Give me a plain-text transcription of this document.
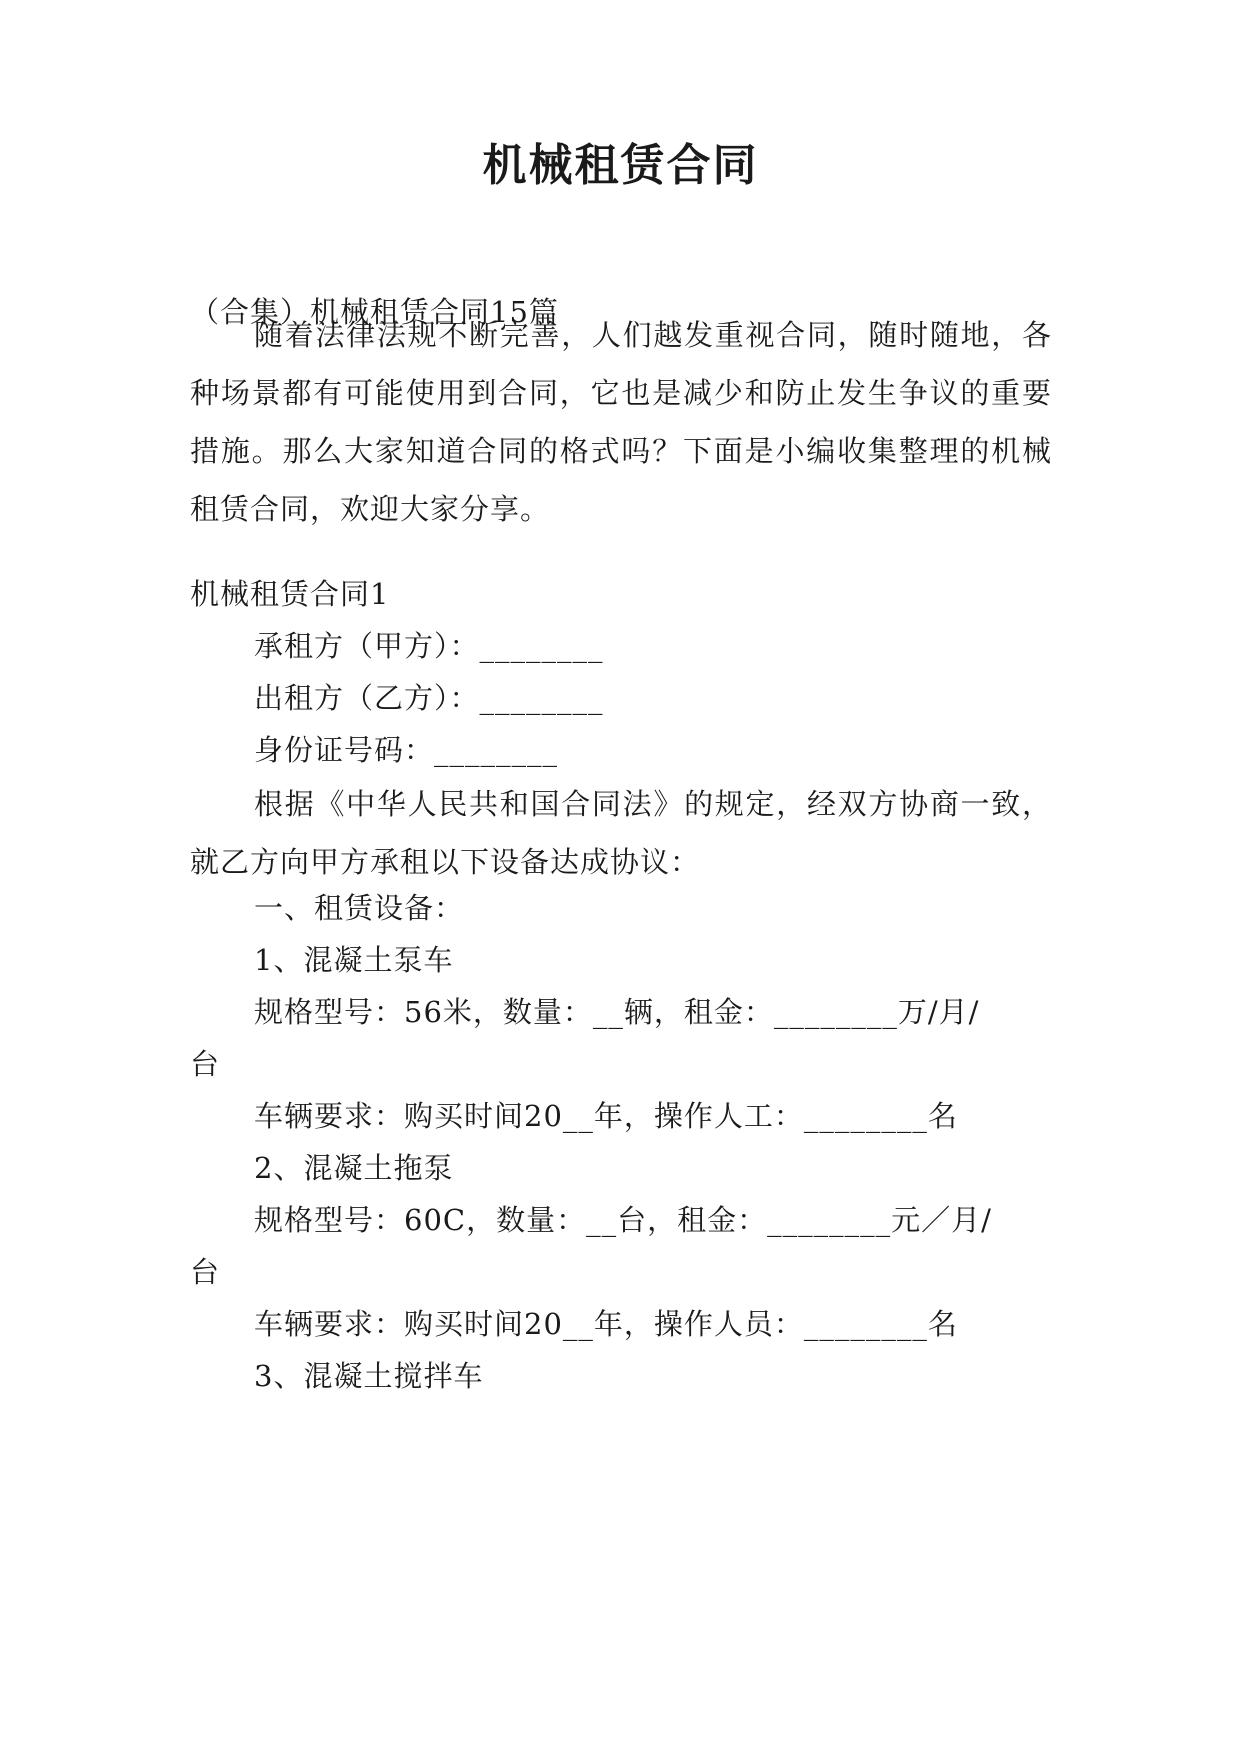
机械租赁合同
（合集）机械租赁合同15篇
随着法律法规不断完善，人们越发重视合同，随时随地，各种场景都有可能使用到合同，它也是减少和防止发生争议的重要措施。那么大家知道合同的格式吗？下面是小编收集整理的机械租赁合同，欢迎大家分享。
机械租赁合同1
承租方（甲方）：________
出租方（乙方）：________
身份证号码：________
根据《中华人民共和国合同法》的规定，经双方协商一致，就乙方向甲方承租以下设备达成协议：
一、租赁设备：
1、混凝土泵车
规格型号：56米，数量：__辆，租金：________万/月/
台
车辆要求：购买时间20__年，操作人工：________名
2、混凝土拖泵
规格型号：60C，数量：__台，租金：________元／月/
台
车辆要求：购买时间20__年，操作人员：________名
3、混凝土搅拌车
